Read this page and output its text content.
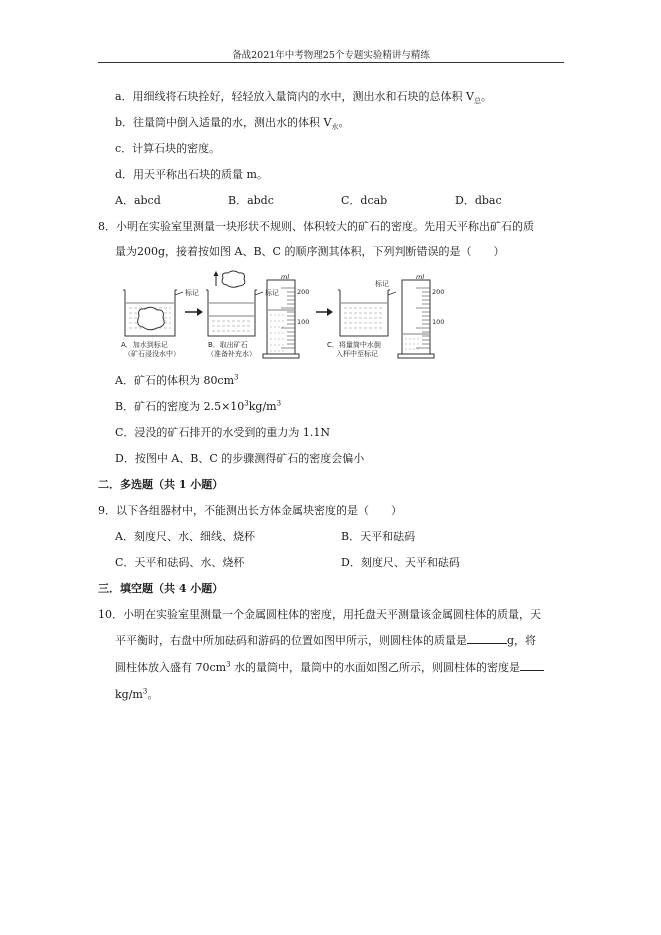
备战2021年中考物理25个专题实验精讲与精练
a．用细线将石块拴好，轻轻放入量筒内的水中，测出水和石块的总体积 $V_总$。
b．往量筒中倒入适量的水，测出水的体积 $V_水$。
c．计算石块的密度。
d．用天平称出石块的质量 m。
A．abcd	B．abdc	C．dcab	D．dbac
8．小明在实验室里测量一块形状不规则、体积较大的矿石的密度。先用天平称出矿石的质
量为200g，接着按如图 A、B、C 的顺序测其体积，下列判断错误的是（　　）
标记
A．加水到标记
（矿石浸没水中）
标记
B．取出矿石
（准备补充水）
ml
200
100
标记
C．将量筒中水倒
入杯中至标记
ml
200
100
A．矿石的体积为 $80cm^3$
B．矿石的密度为 $2.5\times 10^3kg/m^3$
C．浸没的矿石排开的水受到的重力为 1.1N
D．按图中 A、B、C 的步骤测得矿石的密度会偏小
二．多选题（共 1 小题）
9．以下各组器材中，不能测出长方体金属块密度的是（　　）
A．刻度尺、水、细线、烧杯	B．天平和砝码
C．天平和砝码、水、烧杯	D．刻度尺、天平和砝码
三．填空题（共 4 小题）
10．小明在实验室里测量一个金属圆柱体的密度，用托盘天平测量该金属圆柱体的质量，天
平平衡时，右盘中所加砝码和游码的位置如图甲所示，则圆柱体的质量是	g，将
圆柱体放入盛有 $70cm^3$ 水的量筒中，量筒中的水面如图乙所示，则圆柱体的密度是
$kg/m^3$。
